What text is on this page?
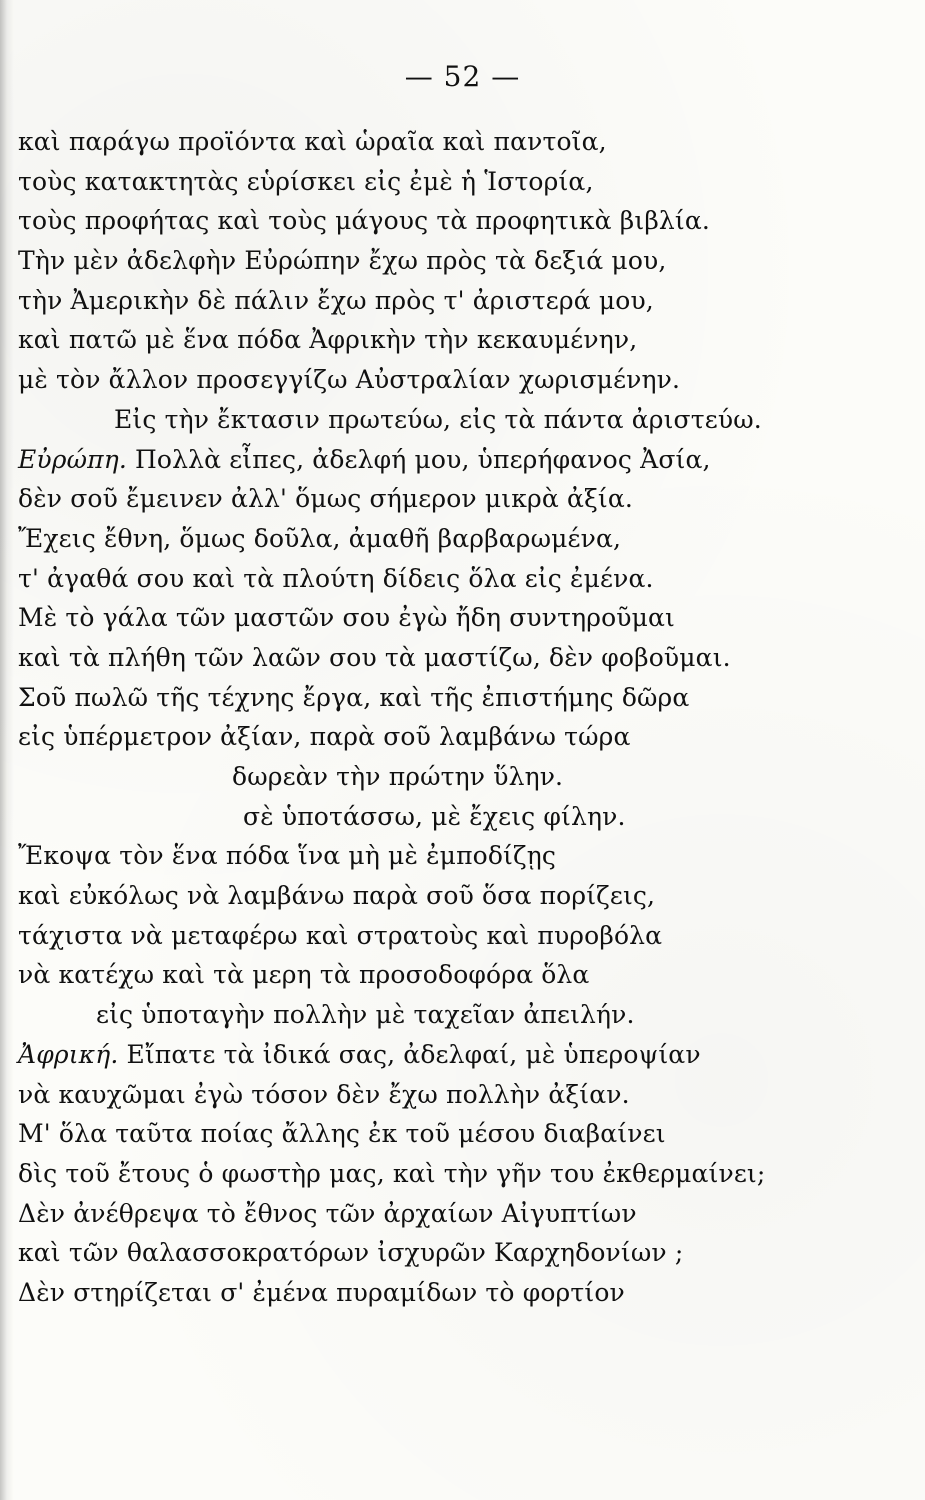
— 52 —
καὶ παράγω προϊόντα καὶ ὡραῖα καὶ παντοῖα,
τοὺς κατακτητὰς εὑρίσκει εἰς ἐμὲ ἡ Ἱστορία,
τοὺς προφήτας καὶ τοὺς μάγους τὰ προφητικὰ βιβλία.
Τὴν μὲν ἀδελφὴν Εὐρώπην ἔχω πρὸς τὰ δεξιά μου,
τὴν Ἀμερικὴν δὲ πάλιν ἔχω πρὸς τ' ἀριστερά μου,
καὶ πατῶ μὲ ἕνα πόδα Ἀφρικὴν τὴν κεκαυμένην,
μὲ τὸν ἄλλον προσεγγίζω Αὐστραλίαν χωρισμένην.
Εἰς τὴν ἔκτασιν πρωτεύω, εἰς τὰ πάντα ἀριστεύω.
Εὐρώπη. Πολλὰ εἶπες, ἀδελφή μου, ὑπερήφανος Ἀσία,
δὲν σοῦ ἔμεινεν ἀλλ' ὅμως σήμερον μικρὰ ἀξία.
Ἔχεις ἔθνη, ὅμως δοῦλα, ἀμαθῆ βαρβαρωμένα,
τ' ἀγαθά σου καὶ τὰ πλούτη δίδεις ὅλα εἰς ἐμένα.
Μὲ τὸ γάλα τῶν μαστῶν σου ἐγὼ ἤδη συντηροῦμαι
καὶ τὰ πλήθη τῶν λαῶν σου τὰ μαστίζω, δὲν φοβοῦμαι.
Σοῦ πωλῶ τῆς τέχνης ἔργα, καὶ τῆς ἐπιστήμης δῶρα
εἰς ὑπέρμετρον ἀξίαν, παρὰ σοῦ λαμβάνω τώρα
δωρεὰν τὴν πρώτην ὕλην.
σὲ ὑποτάσσω, μὲ ἔχεις φίλην.
Ἔκοψα τὸν ἕνα πόδα ἵνα μὴ μὲ ἐμποδίζῃς
καὶ εὐκόλως νὰ λαμβάνω παρὰ σοῦ ὅσα πορίζεις,
τάχιστα νὰ μεταφέρω καὶ στρατοὺς καὶ πυροβόλα
νὰ κατέχω καὶ τὰ μερη τὰ προσοδοφόρα ὅλα
εἰς ὑποταγὴν πολλὴν μὲ ταχεῖαν ἀπειλήν.
Ἀφρική. Εἴπατε τὰ ἰδικά σας, ἀδελφαί, μὲ ὑπεροψίαν
νὰ καυχῶμαι ἐγὼ τόσον δὲν ἔχω πολλὴν ἀξίαν.
Μ' ὅλα ταῦτα ποίας ἄλλης ἐκ τοῦ μέσου διαβαίνει
δὶς τοῦ ἔτους ὁ φωστὴρ μας, καὶ τὴν γῆν του ἐκθερμαίνει;
Δὲν ἀνέθρεψα τὸ ἔθνος τῶν ἀρχαίων Αἰγυπτίων
καὶ τῶν θαλασσοκρατόρων ἰσχυρῶν Καρχηδονίων ;
Δὲν στηρίζεται σ' ἐμένα πυραμίδων τὸ φορτίον
